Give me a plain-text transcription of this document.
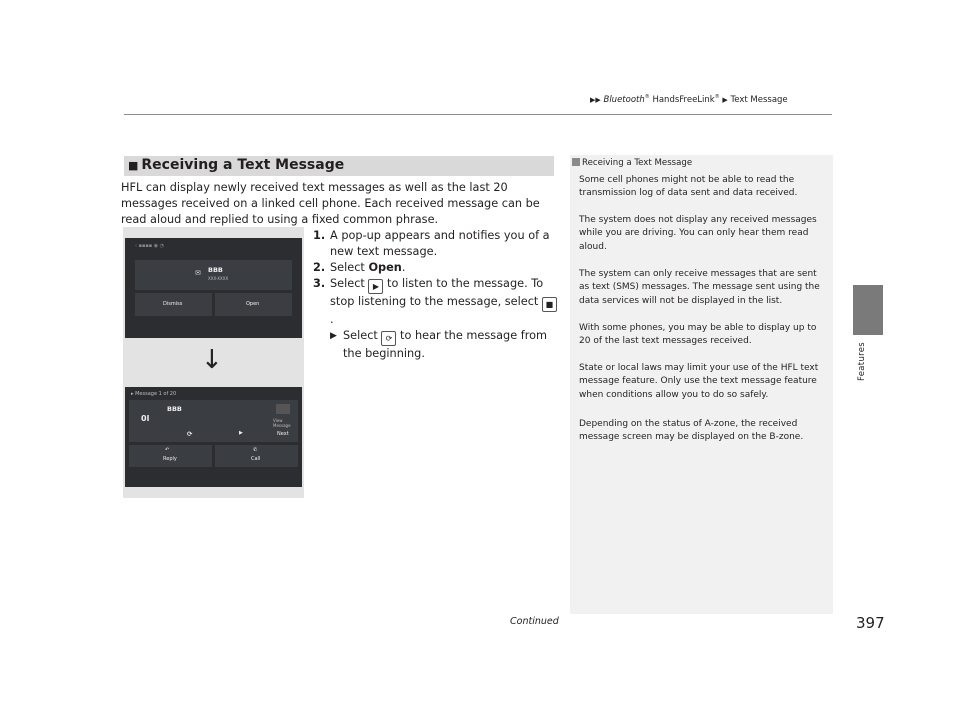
▶▶ Bluetooth® HandsFreeLink® ▶ Text Message
Features
■ Receiving a Text Message
HFL can display newly received text messages as well as the last 20 messages received on a linked cell phone. Each received message can be read aloud and replied to using a fixed common phrase.
‹ ▪▪▪▪ ◉ ◔
✉ BBB
XXX-XXXX
Dismiss	Open
↓
▸ Message 1 of 20
0l
BBB
View Message
⟳	▶	Next
↶
Reply
✆
Call
1. A pop-up appears and notifies you of a new text message.
2. Select Open.
3. Select ▶ to listen to the message. To stop listening to the message, select ■.
▶ Select ⟳ to hear the message from the beginning.
Receiving a Text Message
Some cell phones might not be able to read the transmission log of data sent and data received.
The system does not display any received messages while you are driving. You can only hear them read aloud.
The system can only receive messages that are sent as text (SMS) messages. The message sent using the data services will not be displayed in the list.
With some phones, you may be able to display up to 20 of the last text messages received.
State or local laws may limit your use of the HFL text message feature. Only use the text message feature when conditions allow you to do so safely.
Depending on the status of A-zone, the received message screen may be displayed on the B-zone.
Continued	397
